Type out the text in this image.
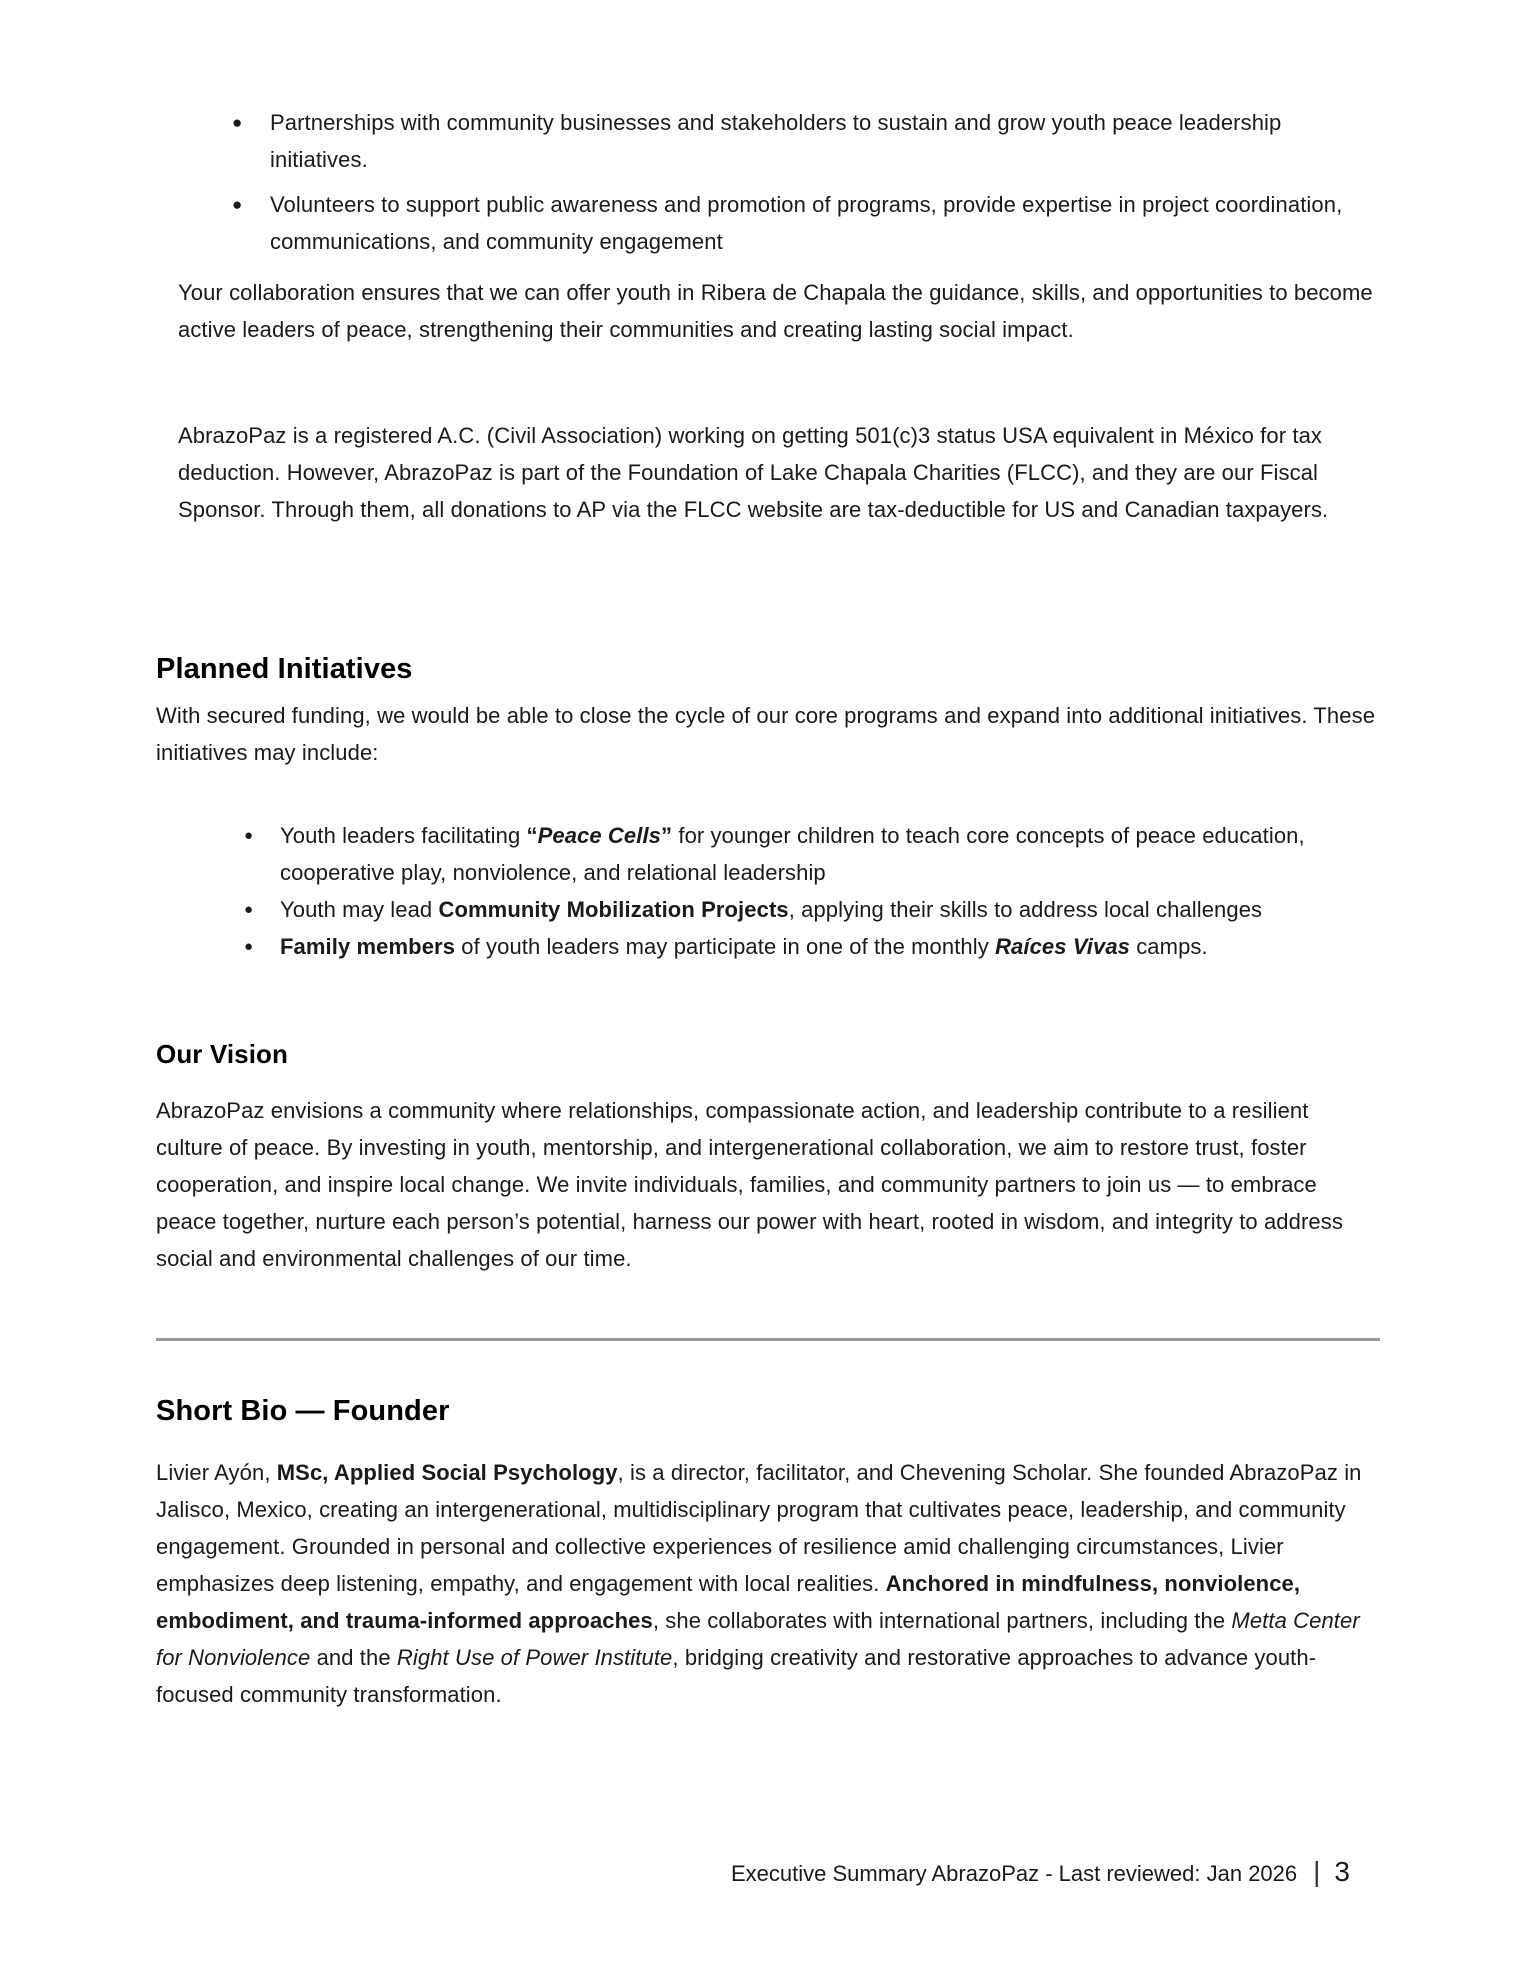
●	Partnerships with community businesses and stakeholders to sustain and grow youth peace leadership initiatives.
●	Volunteers to support public awareness and promotion of programs, provide expertise in project coordination, communications, and community engagement

Your collaboration ensures that we can offer youth in Ribera de Chapala the guidance, skills, and opportunities to become active leaders of peace, strengthening their communities and creating lasting social impact.

AbrazoPaz is a registered A.C. (Civil Association) working on getting 501(c)3 status USA equivalent in México for tax deduction. However, AbrazoPaz is part of the Foundation of Lake Chapala Charities (FLCC), and they are our Fiscal Sponsor. Through them, all donations to AP via the FLCC website are tax-deductible for US and Canadian taxpayers.

Planned Initiatives

With secured funding, we would be able to close the cycle of our core programs and expand into additional initiatives. These initiatives may include:

●	Youth leaders facilitating “Peace Cells” for younger children to teach core concepts of peace education, cooperative play, nonviolence, and relational leadership
●	Youth may lead Community Mobilization Projects, applying their skills to address local challenges
●	Family members of youth leaders may participate in one of the monthly Raíces Vivas camps.
Our Vision

AbrazoPaz envisions a community where relationships, compassionate action, and leadership contribute to a resilient culture of peace. By investing in youth, mentorship, and intergenerational collaboration, we aim to restore trust, foster cooperation, and inspire local change. We invite individuals, families, and community partners to join us — to embrace peace together, nurture each person’s potential, harness our power with heart, rooted in wisdom, and integrity to address social and environmental challenges of our time.

Short Bio — Founder

Livier Ayón, MSc, Applied Social Psychology, is a director, facilitator, and Chevening Scholar. She founded AbrazoPaz in Jalisco, Mexico, creating an intergenerational, multidisciplinary program that cultivates peace, leadership, and community engagement. Grounded in personal and collective experiences of resilience amid challenging circumstances, Livier emphasizes deep listening, empathy, and engagement with local realities. Anchored in mindfulness, nonviolence, embodiment, and trauma-informed approaches, she collaborates with international partners, including the Metta Center for Nonviolence and the Right Use of Power Institute, bridging creativity and restorative approaches to advance youth-focused community transformation.

Executive Summary AbrazoPaz - Last reviewed: Jan 2026 | 3
